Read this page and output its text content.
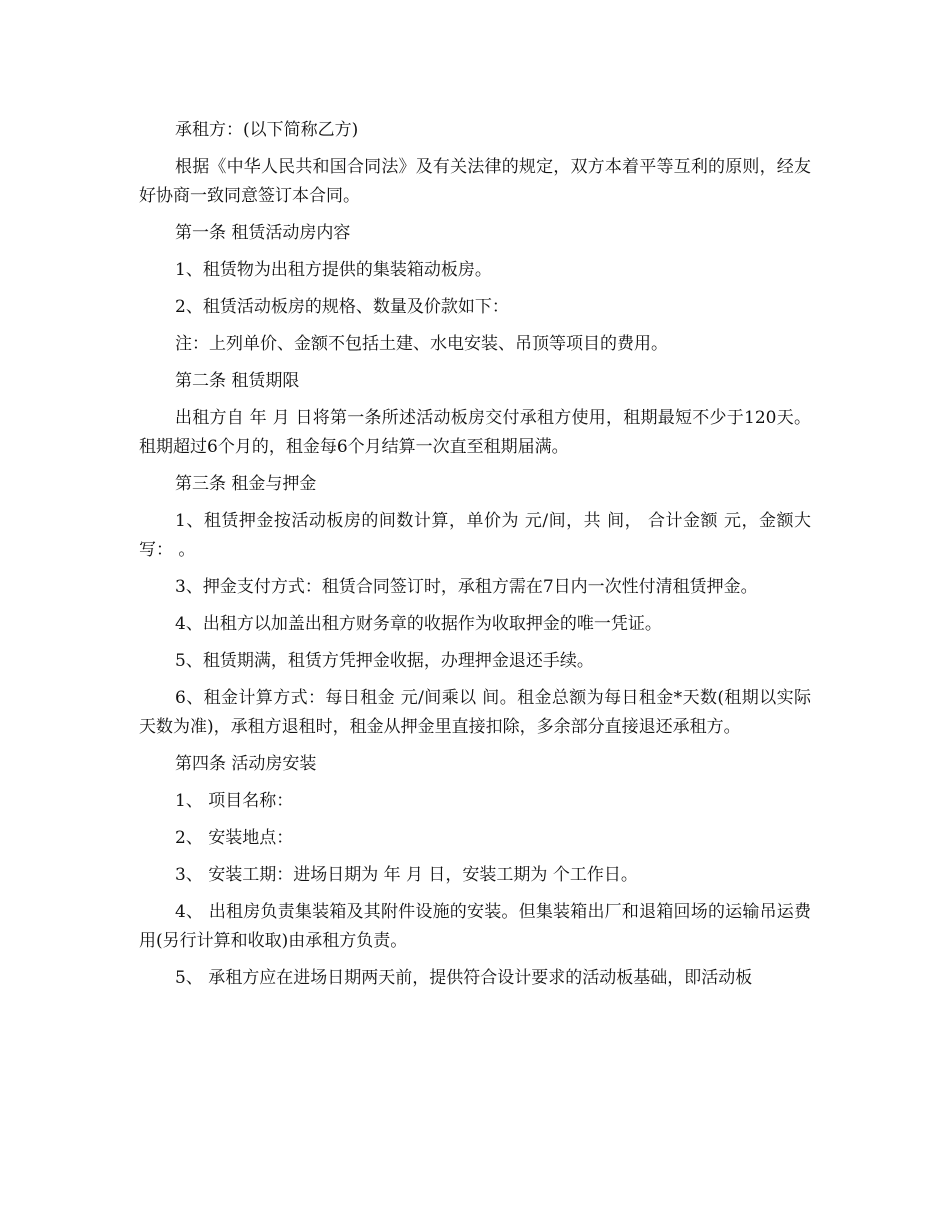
承租方：(以下简称乙方)

根据《中华人民共和国合同法》及有关法律的规定，双方本着平等互利的原则，经友好协商一致同意签订本合同。

第一条 租赁活动房内容

1、租赁物为出租方提供的集装箱动板房。

2、租赁活动板房的规格、数量及价款如下：

注：上列单价、金额不包括土建、水电安装、吊顶等项目的费用。

第二条 租赁期限

出租方自 年 月 日将第一条所述活动板房交付承租方使用，租期最短不少于120天。租期超过6个月的，租金每6个月结算一次直至租期届满。

第三条 租金与押金

1、租赁押金按活动板房的间数计算，单价为 元/间，共 间， 合计金额 元，金额大写： 。

3、押金支付方式：租赁合同签订时，承租方需在7日内一次性付清租赁押金。

4、出租方以加盖出租方财务章的收据作为收取押金的唯一凭证。

5、租赁期满，租赁方凭押金收据，办理押金退还手续。

6、租金计算方式：每日租金 元/间乘以 间。租金总额为每日租金*天数(租期以实际天数为准)，承租方退租时，租金从押金里直接扣除，多余部分直接退还承租方。

第四条 活动房安装

1、 项目名称：

2、 安装地点：

3、 安装工期：进场日期为 年 月 日，安装工期为 个工作日。

4、 出租房负责集装箱及其附件设施的安装。但集装箱出厂和退箱回场的运输吊运费用(另行计算和收取)由承租方负责。

5、 承租方应在进场日期两天前，提供符合设计要求的活动板基础，即活动板
